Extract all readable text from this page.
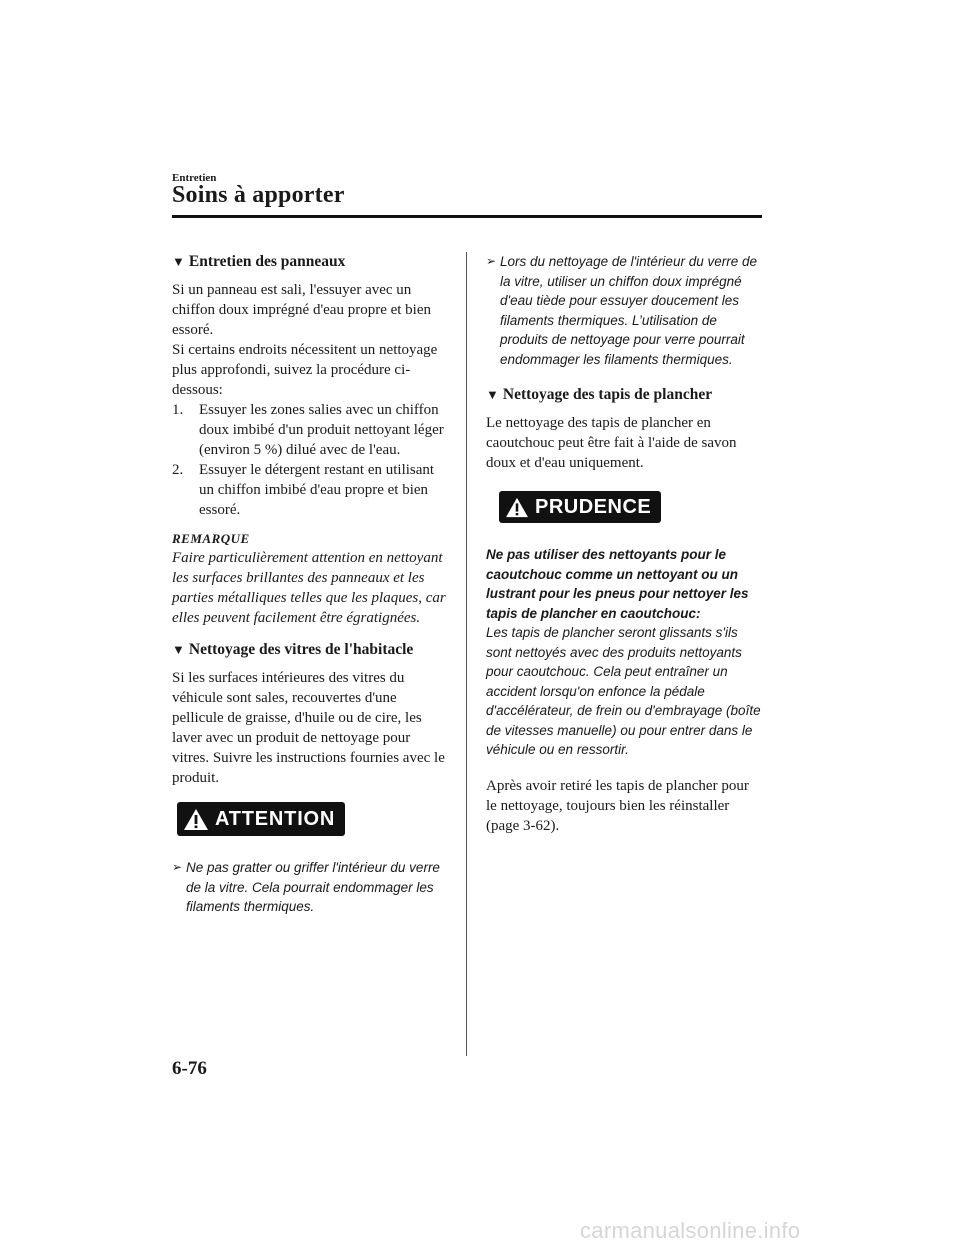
Entretien
Soins à apporter
▼ Entretien des panneaux

Si un panneau est sali, l'essuyer avec un chiffon doux imprégné d'eau propre et bien essoré.

Si certains endroits nécessitent un nettoyage plus approfondi, suivez la procédure ci-dessous:

1. Essuyer les zones salies avec un chiffon doux imbibé d'un produit nettoyant léger (environ 5 %) dilué avec de l'eau.
2. Essuyer le détergent restant en utilisant un chiffon imbibé d'eau propre et bien essoré.
REMARQUE

Faire particulièrement attention en nettoyant les surfaces brillantes des panneaux et les parties métalliques telles que les plaques, car elles peuvent facilement être égratignées.

▼ Nettoyage des vitres de l'habitacle

Si les surfaces intérieures des vitres du véhicule sont sales, recouvertes d'une pellicule de graisse, d'huile ou de cire, les laver avec un produit de nettoyage pour vitres. Suivre les instructions fournies avec le produit.

ATTENTION
➢ Ne pas gratter ou griffer l'intérieur du verre de la vitre. Cela pourrait endommager les filaments thermiques.
➢ Lors du nettoyage de l'intérieur du verre de la vitre, utiliser un chiffon doux imprégné d'eau tiède pour essuyer doucement les filaments thermiques. L’utilisation de produits de nettoyage pour verre pourrait endommager les filaments thermiques.
▼ Nettoyage des tapis de plancher

Le nettoyage des tapis de plancher en caoutchouc peut être fait à l'aide de savon doux et d'eau uniquement.

PRUDENCE

Ne pas utiliser des nettoyants pour le caoutchouc comme un nettoyant ou un lustrant pour les pneus pour nettoyer les tapis de plancher en caoutchouc:

Les tapis de plancher seront glissants s'ils sont nettoyés avec des produits nettoyants pour caoutchouc. Cela peut entraîner un accident lorsqu'on enfonce la pédale d'accélérateur, de frein ou d'embrayage (boîte de vitesses manuelle) ou pour entrer dans le véhicule ou en ressortir.

Après avoir retiré les tapis de plancher pour le nettoyage, toujours bien les réinstaller (page 3-62).

6-76
carmanualsonline.info
